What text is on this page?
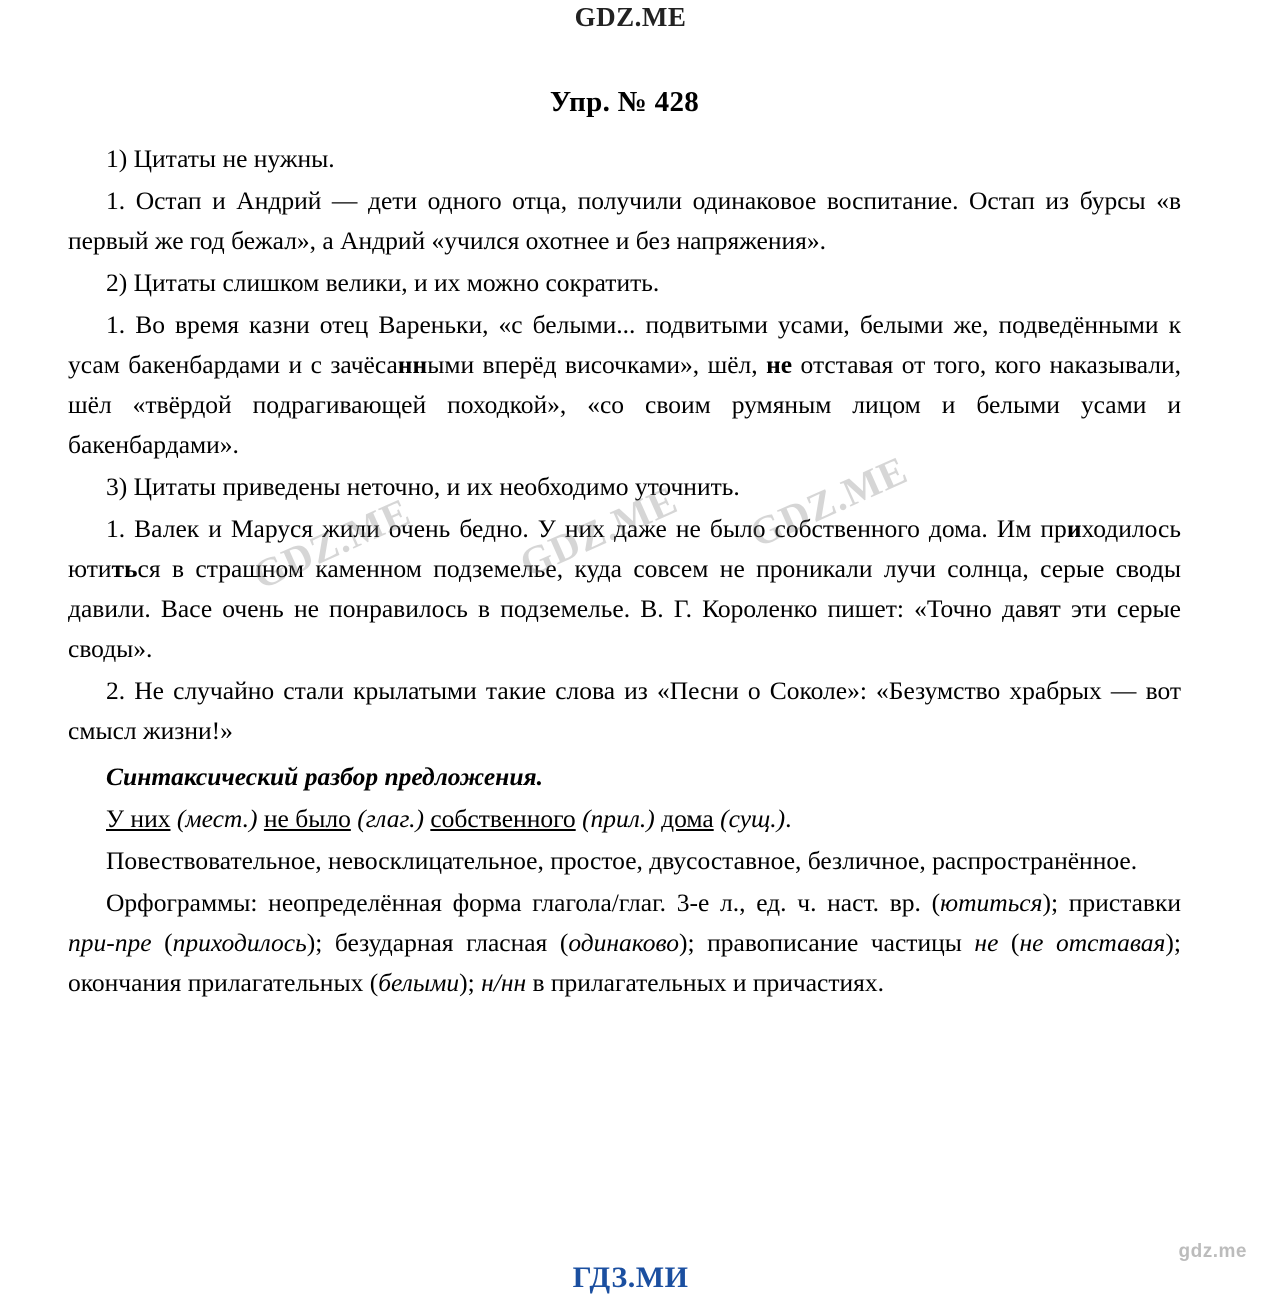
GDZ.ME
Упр. № 428

1) Цитаты не нужны.

1. Остап и Андрий — дети одного отца, получили одинаковое воспитание. Остап из бурсы «в первый же год бежал», а Андрий «учился охотнее и без напряжения».

2) Цитаты слишком велики, и их можно сократить.

1. Во время казни отец Вареньки, «с белыми... подвитыми усами, белыми же, подведёнными к усам бакенбардами и с зачёсанными вперёд височками», шёл, не отставая от того, кого наказывали, шёл «твёрдой подрагивающей походкой», «со своим румяным лицом и белыми усами и бакенбардами».

3) Цитаты приведены неточно, и их необходимо уточнить.

1. Валек и Маруся жили очень бедно. У них даже не было собственного дома. Им приходилось ютиться в страшном каменном подземелье, куда совсем не проникали лучи солнца, серые своды давили. Васе очень не понравилось в подземелье. В. Г. Короленко пишет: «Точно давят эти серые своды».

2. Не случайно стали крылатыми такие слова из «Песни о Соколе»: «Безумство храбрых — вот смысл жизни!»

Синтаксический разбор предложения.

У них (мест.) не было (глаг.) собственного (прил.) дома (сущ.).

Повествовательное, невосклицательное, простое, двусоставное, безличное, распространённое.

Орфограммы: неопределённая форма глагола/глаг. 3-е л., ед. ч. наст. вр. (ютиться); приставки при-пре (приходилось); безударная гласная (одинаково); правописание частицы не (не отставая); окончания прилагательных (белыми); н/нн в прилагательных и причастиях.

GDZ.ME GDZ.ME GDZ.ME
gdz.me
ГДЗ.МИ
